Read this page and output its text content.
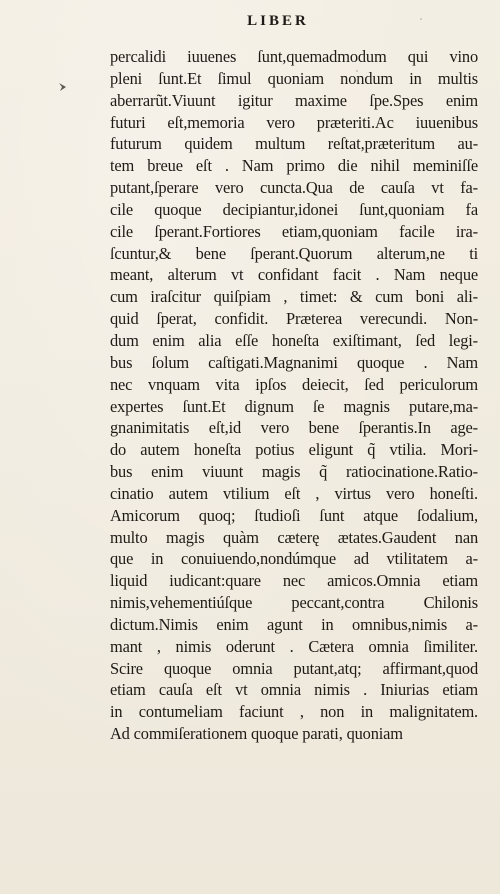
LIBER
percalidi iuuenes ſunt,quemadmodum qui vino
pleni ſunt.Et ſimul quoniam nondum in multis
aberrarũt.Viuunt igitur maxime ſpe.Spes enim
futuri eſt,memoria vero præteriti.Ac iuuenibus
futurum quidem multum reſtat,præteritum au-
tem breue eſt . Nam primo die nihil meminiſſe
putant,ſperare vero cuncta.Qua de cauſa vt fa-
cile quoque decipiantur,idonei ſunt,quoniam fa
cile ſperant.Fortiores etiam,quoniam facile ira-
ſcuntur,& bene ſperant.Quorum alterum,ne ti
meant, alterum vt confidant facit . Nam neque
cum iraſcitur quiſpiam , timet: & cum boni ali-
quid ſperat, confidit. Præterea verecundi. Non-
dum enim alia eſſe honeſta exiſtimant, ſed legi-
bus ſolum caſtigati.Magnanimi quoque . Nam
nec vnquam vita ipſos deiecit, ſed periculorum
expertes ſunt.Et dignum ſe magnis putare,ma-
gnanimitatis eſt,id vero bene ſperantis.In age-
do autem honeſta potius eligunt q̃ vtilia. Mori-
bus enim viuunt magis q̃ ratiocinatione.Ratio-
cinatio autem vtilium eſt , virtus vero honeſti.
Amicorum quoq; ſtudioſi ſunt atque ſodalium,
multo magis quàm cæterę ætates.Gaudent nan
que in conuiuendo,nondúmque ad vtilitatem a-
liquid iudicant:quare nec amicos.Omnia etiam
nimis,vehementiúſque peccant,contra Chilonis
dictum.Nimis enim agunt in omnibus,nimis a-
mant , nimis oderunt . Cætera omnia ſimiliter.
Scire quoque omnia putant,atq; affirmant,quod
etiam cauſa eſt vt omnia nimis . Iniurias etiam
in contumeliam faciunt , non in malignitatem.
Ad commiſerationem quoque parati, quoniam
